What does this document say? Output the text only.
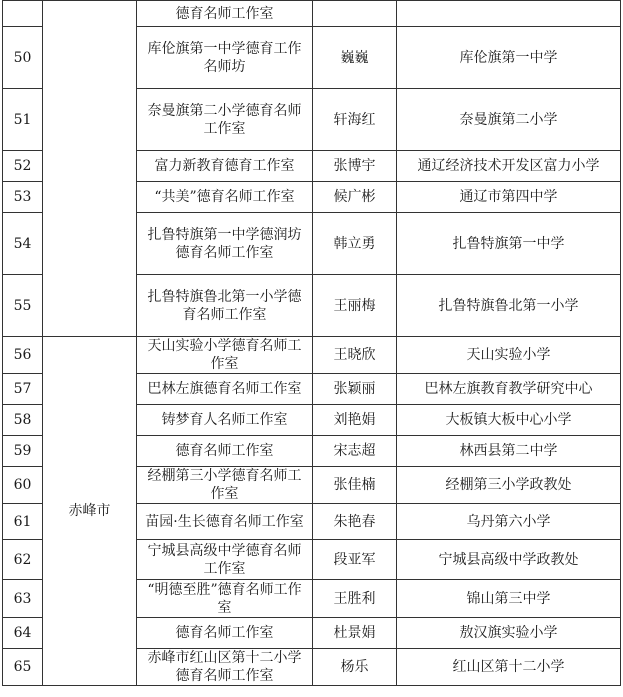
		德育名师工作室		
50		库伦旗第一中学德育工作名师坊	巍巍	库伦旗第一中学
51		奈曼旗第二小学德育名师工作室	轩海红	奈曼旗第二小学
52		富力新教育德育工作室	张博宇	通辽经济技术开发区富力小学
53		“共美”德育名师工作室	候广彬	通辽市第四中学
54		扎鲁特旗第一中学德润坊德育名师工作室	韩立勇	扎鲁特旗第一中学
55		扎鲁特旗鲁北第一小学德育名师工作室	王丽梅	扎鲁特旗鲁北第一小学
56	赤峰市	天山实验小学德育名师工作室	王晓欣	天山实验小学
57		巴林左旗德育名师工作室	张颖丽	巴林左旗教育教学研究中心
58		铸梦育人名师工作室	刘艳娟	大板镇大板中心小学
59		德育名师工作室	宋志超	林西县第二中学
60		经棚第三小学德育名师工作室	张佳楠	经棚第三小学政教处
61		苗园·生长德育名师工作室	朱艳春	乌丹第六小学
62		宁城县高级中学德育名师工作室	段亚军	宁城县高级中学政教处
63		“明德至胜”德育名师工作室	王胜利	锦山第三中学
64		德育名师工作室	杜景娟	敖汉旗实验小学
65		赤峰市红山区第十二小学德育名师工作室	杨乐	红山区第十二小学
